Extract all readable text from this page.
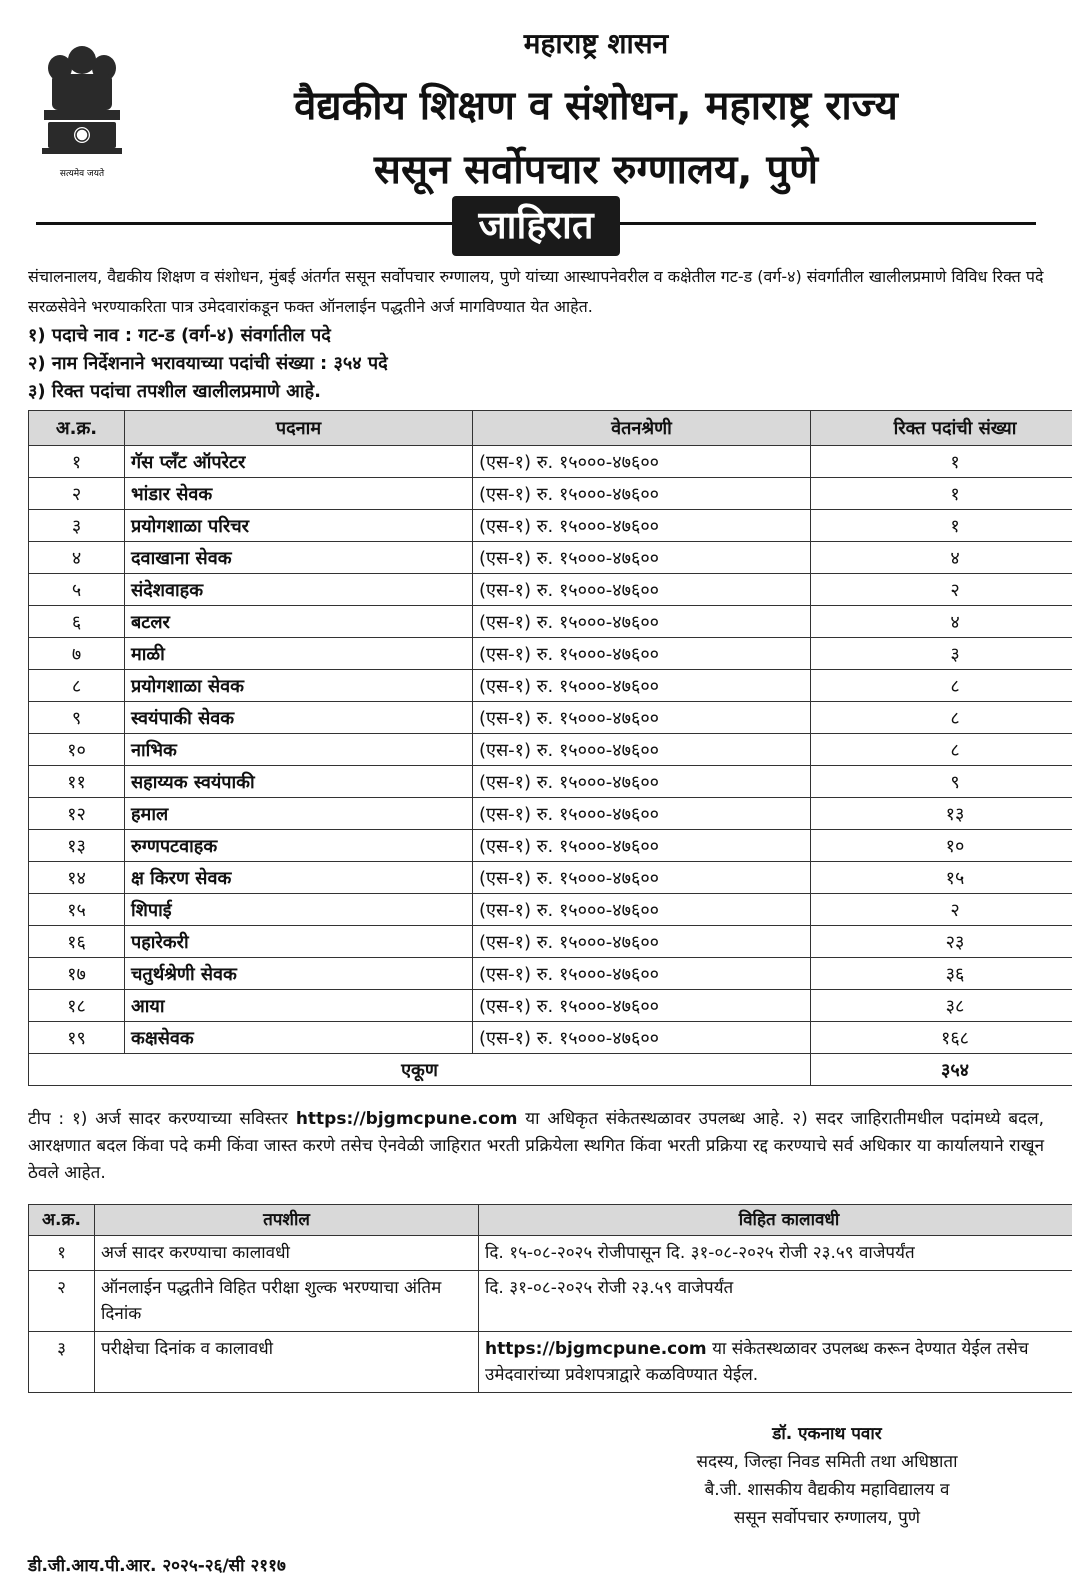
सत्यमेव जयते
महाराष्ट्र शासन
वैद्यकीय शिक्षण व संशोधन, महाराष्ट्र राज्य
ससून सर्वोपचार रुग्णालय, पुणे
जाहिरात

संचालनालय, वैद्यकीय शिक्षण व संशोधन, मुंबई अंतर्गत ससून सर्वोपचार रुग्णालय, पुणे यांच्या आस्थापनेवरील व कक्षेतील गट-ड (वर्ग-४) संवर्गातील खालीलप्रमाणे विविध रिक्त पदे सरळसेवेने भरण्याकरिता पात्र उमेदवारांकडून फक्त ऑनलाईन पद्धतीने अर्ज मागविण्यात येत आहेत.

१) पदाचे नाव : गट-ड (वर्ग-४) संवर्गातील पदे
२) नाम निर्देशनाने भरावयाच्या पदांची संख्या : ३५४ पदे
३) रिक्त पदांचा तपशील खालीलप्रमाणे आहे.
अ.क्र.	पदनाम	वेतनश्रेणी	रिक्त पदांची संख्या
१	गॅस प्लँट ऑपरेटर	(एस-१) रु. १५०००-४७६००	१
२	भांडार सेवक	(एस-१) रु. १५०००-४७६००	१
३	प्रयोगशाळा परिचर	(एस-१) रु. १५०००-४७६००	१
४	दवाखाना सेवक	(एस-१) रु. १५०००-४७६००	४
५	संदेशवाहक	(एस-१) रु. १५०००-४७६००	२
६	बटलर	(एस-१) रु. १५०००-४७६००	४
७	माळी	(एस-१) रु. १५०००-४७६००	३
८	प्रयोगशाळा सेवक	(एस-१) रु. १५०००-४७६००	८
९	स्वयंपाकी सेवक	(एस-१) रु. १५०००-४७६००	८
१०	नाभिक	(एस-१) रु. १५०००-४७६००	८
११	सहाय्यक स्वयंपाकी	(एस-१) रु. १५०००-४७६००	९
१२	हमाल	(एस-१) रु. १५०००-४७६००	१३
१३	रुग्णपटवाहक	(एस-१) रु. १५०००-४७६००	१०
१४	क्ष किरण सेवक	(एस-१) रु. १५०००-४७६००	१५
१५	शिपाई	(एस-१) रु. १५०००-४७६००	२
१६	पहारेकरी	(एस-१) रु. १५०००-४७६००	२३
१७	चतुर्थश्रेणी सेवक	(एस-१) रु. १५०००-४७६००	३६
१८	आया	(एस-१) रु. १५०००-४७६००	३८
१९	कक्षसेवक	(एस-१) रु. १५०००-४७६००	१६८
एकूण			३५४
टीप : १) अर्ज सादर करण्याच्या सविस्तर https://bjgmcpune.com या अधिकृत संकेतस्थळावर उपलब्ध आहे. २) सदर जाहिरातीमधील पदांमध्ये बदल, आरक्षणात बदल किंवा पदे कमी किंवा जास्त करणे तसेच ऐनवेळी जाहिरात भरती प्रक्रियेला स्थगित किंवा भरती प्रक्रिया रद्द करण्याचे सर्व अधिकार या कार्यालयाने राखून ठेवले आहेत.
अ.क्र.	तपशील	विहित कालावधी
१	अर्ज सादर करण्याचा कालावधी	दि. १५-०८-२०२५ रोजीपासून दि. ३१-०८-२०२५ रोजी २३.५९ वाजेपर्यंत
२	ऑनलाईन पद्धतीने विहित परीक्षा शुल्क भरण्याचा अंतिम दिनांक	दि. ३१-०८-२०२५ रोजी २३.५९ वाजेपर्यंत
३	परीक्षेचा दिनांक व कालावधी	https://bjgmcpune.com या संकेतस्थळावर उपलब्ध करून देण्यात येईल तसेच उमेदवारांच्या प्रवेशपत्राद्वारे कळविण्यात येईल.
डॉ. एकनाथ पवार
सदस्य, जिल्हा निवड समिती तथा अधिष्ठाता
बै.जी. शासकीय वैद्यकीय महाविद्यालय व
ससून सर्वोपचार रुग्णालय, पुणे
डी.जी.आय.पी.आर. २०२५-२६/सी २११७
